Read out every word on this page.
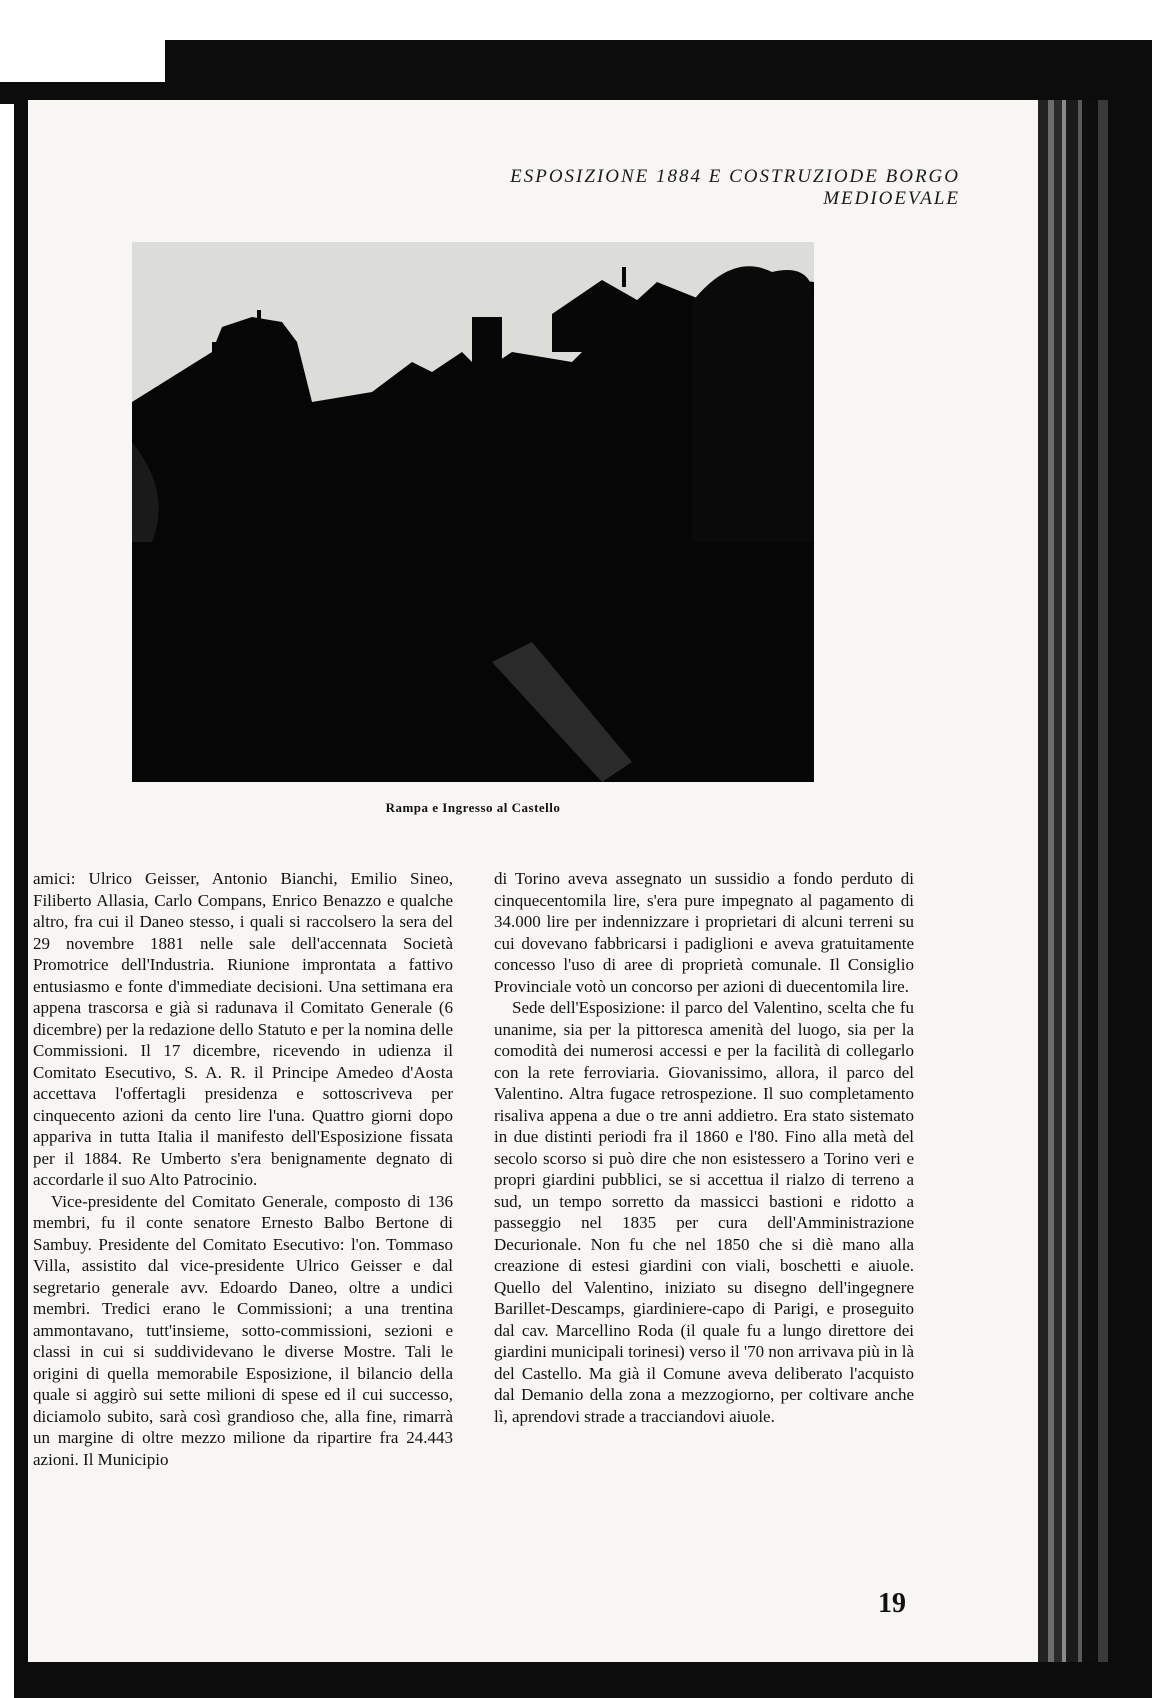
ESPOSIZIONE 1884 E COSTRUZIODE BORGO MEDIOEVALE
Rampa e Ingresso al Castello

amici: Ulrico Geisser, Antonio Bianchi, Emilio Sineo, Filiberto Allasia, Carlo Compans, Enrico Benazzo e qualche altro, fra cui il Daneo stesso, i quali si raccolsero la sera del 29 novembre 1881 nelle sale dell'accennata Società Promotrice dell'Industria. Riunione improntata a fattivo entusiasmo e fonte d'immediate decisioni. Una settimana era appena trascorsa e già si radunava il Comitato Generale (6 dicembre) per la redazione dello Statuto e per la nomina delle Commissioni. Il 17 dicembre, ricevendo in udienza il Comitato Esecutivo, S. A. R. il Principe Amedeo d'Aosta accettava l'offertagli presidenza e sottoscriveva per cinquecento azioni da cento lire l'una. Quattro giorni dopo appariva in tutta Italia il manifesto dell'Esposizione fissata per il 1884. Re Umberto s'era benignamente degnato di accordarle il suo Alto Patrocinio.

Vice-presidente del Comitato Generale, composto di 136 membri, fu il conte senatore Ernesto Balbo Bertone di Sambuy. Presidente del Comitato Esecutivo: l'on. Tommaso Villa, assistito dal vice-presidente Ulrico Geisser e dal segretario generale avv. Edoardo Daneo, oltre a undici membri. Tredici erano le Commissioni; a una trentina ammontavano, tutt'insieme, sotto-commissioni, sezioni e classi in cui si suddividevano le diverse Mostre. Tali le origini di quella memorabile Esposizione, il bilancio della quale si aggirò sui sette milioni di spese ed il cui successo, diciamolo subito, sarà così grandioso che, alla fine, rimarrà un margine di oltre mezzo milione da ripartire fra 24.443 azioni. Il Municipio

di Torino aveva assegnato un sussidio a fondo perduto di cinquecentomila lire, s'era pure impegnato al pagamento di 34.000 lire per indennizzare i proprietari di alcuni terreni su cui dovevano fabbricarsi i padiglioni e aveva gratuitamente concesso l'uso di aree di proprietà comunale. Il Consiglio Provinciale votò un concorso per azioni di duecentomila lire.

Sede dell'Esposizione: il parco del Valentino, scelta che fu unanime, sia per la pittoresca amenità del luogo, sia per la comodità dei numerosi accessi e per la facilità di collegarlo con la rete ferroviaria. Giovanissimo, allora, il parco del Valentino. Altra fugace retrospezione. Il suo completamento risaliva appena a due o tre anni addietro. Era stato sistemato in due distinti periodi fra il 1860 e l'80. Fino alla metà del secolo scorso si può dire che non esistessero a Torino veri e propri giardini pubblici, se si accettua il rialzo di terreno a sud, un tempo sorretto da massicci bastioni e ridotto a passeggio nel 1835 per cura dell'Amministrazione Decurionale. Non fu che nel 1850 che si diè mano alla creazione di estesi giardini con viali, boschetti e aiuole. Quello del Valentino, iniziato su disegno dell'ingegnere Barillet-Descamps, giardiniere-capo di Parigi, e proseguito dal cav. Marcellino Roda (il quale fu a lungo direttore dei giardini municipali torinesi) verso il '70 non arrivava più in là del Castello. Ma già il Comune aveva deliberato l'acquisto dal Demanio della zona a mezzogiorno, per coltivare anche lì, aprendovi strade a tracciandovi aiuole.

19
